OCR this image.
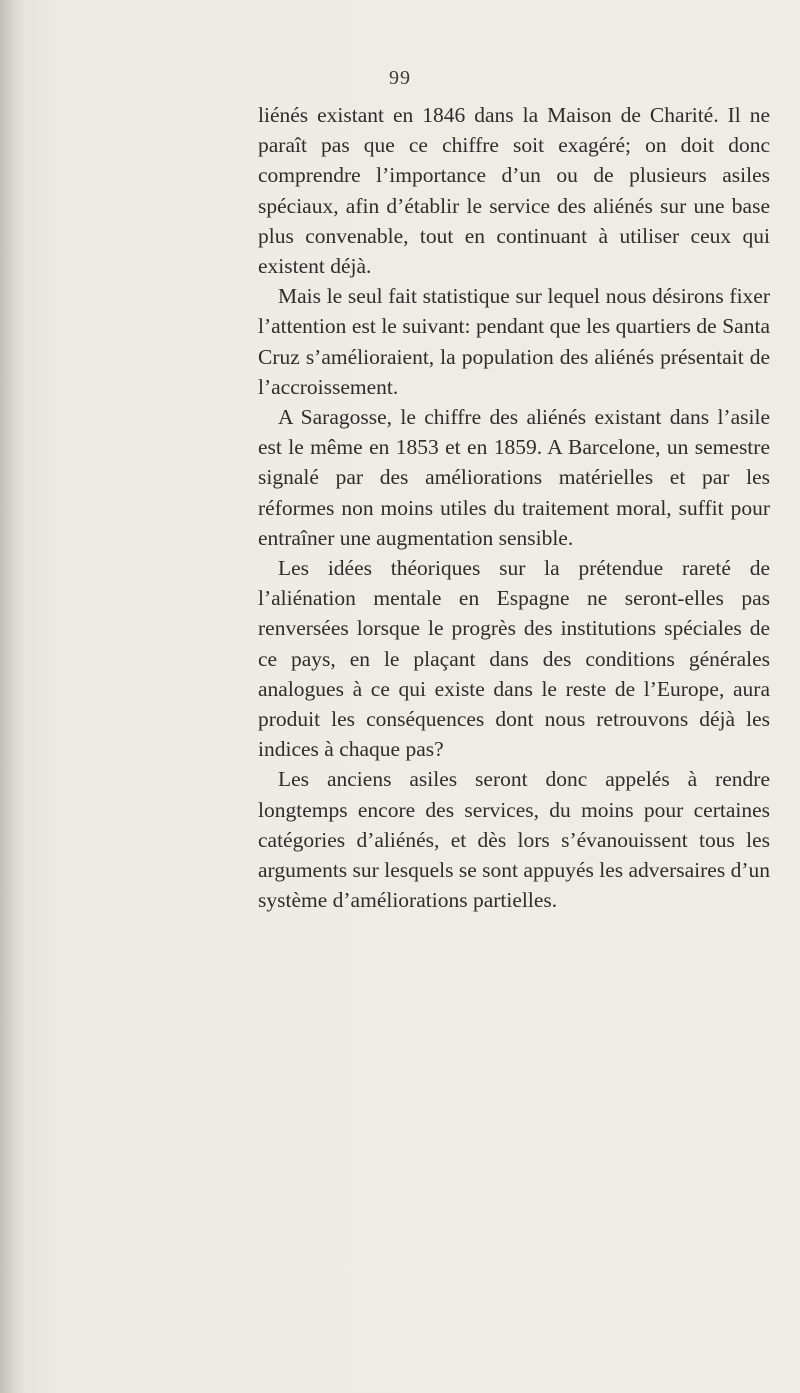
99

liénés existant en 1846 dans la Maison de Charité. Il ne paraît pas que ce chiffre soit exagéré; on doit donc comprendre l’importance d’un ou de plusieurs asiles spéciaux, afin d’établir le service des aliénés sur une base plus convenable, tout en continuant à utiliser ceux qui existent déjà.

Mais le seul fait statistique sur lequel nous désirons fixer l’attention est le suivant: pendant que les quartiers de Santa Cruz s’amélioraient, la population des aliénés présentait de l’accroissement.

A Saragosse, le chiffre des aliénés existant dans l’asile est le même en 1853 et en 1859. A Barcelone, un semestre signalé par des améliorations matérielles et par les réformes non moins utiles du traitement moral, suffit pour entraîner une augmentation sensible.

Les idées théoriques sur la prétendue rareté de l’aliénation mentale en Espagne ne seront-elles pas renversées lorsque le progrès des institutions spéciales de ce pays, en le plaçant dans des conditions générales analogues à ce qui existe dans le reste de l’Europe, aura produit les conséquences dont nous retrouvons déjà les indices à chaque pas?

Les anciens asiles seront donc appelés à rendre longtemps encore des services, du moins pour certaines catégories d’aliénés, et dès lors s’évanouissent tous les arguments sur lesquels se sont appuyés les adversaires d’un système d’améliorations partielles.
